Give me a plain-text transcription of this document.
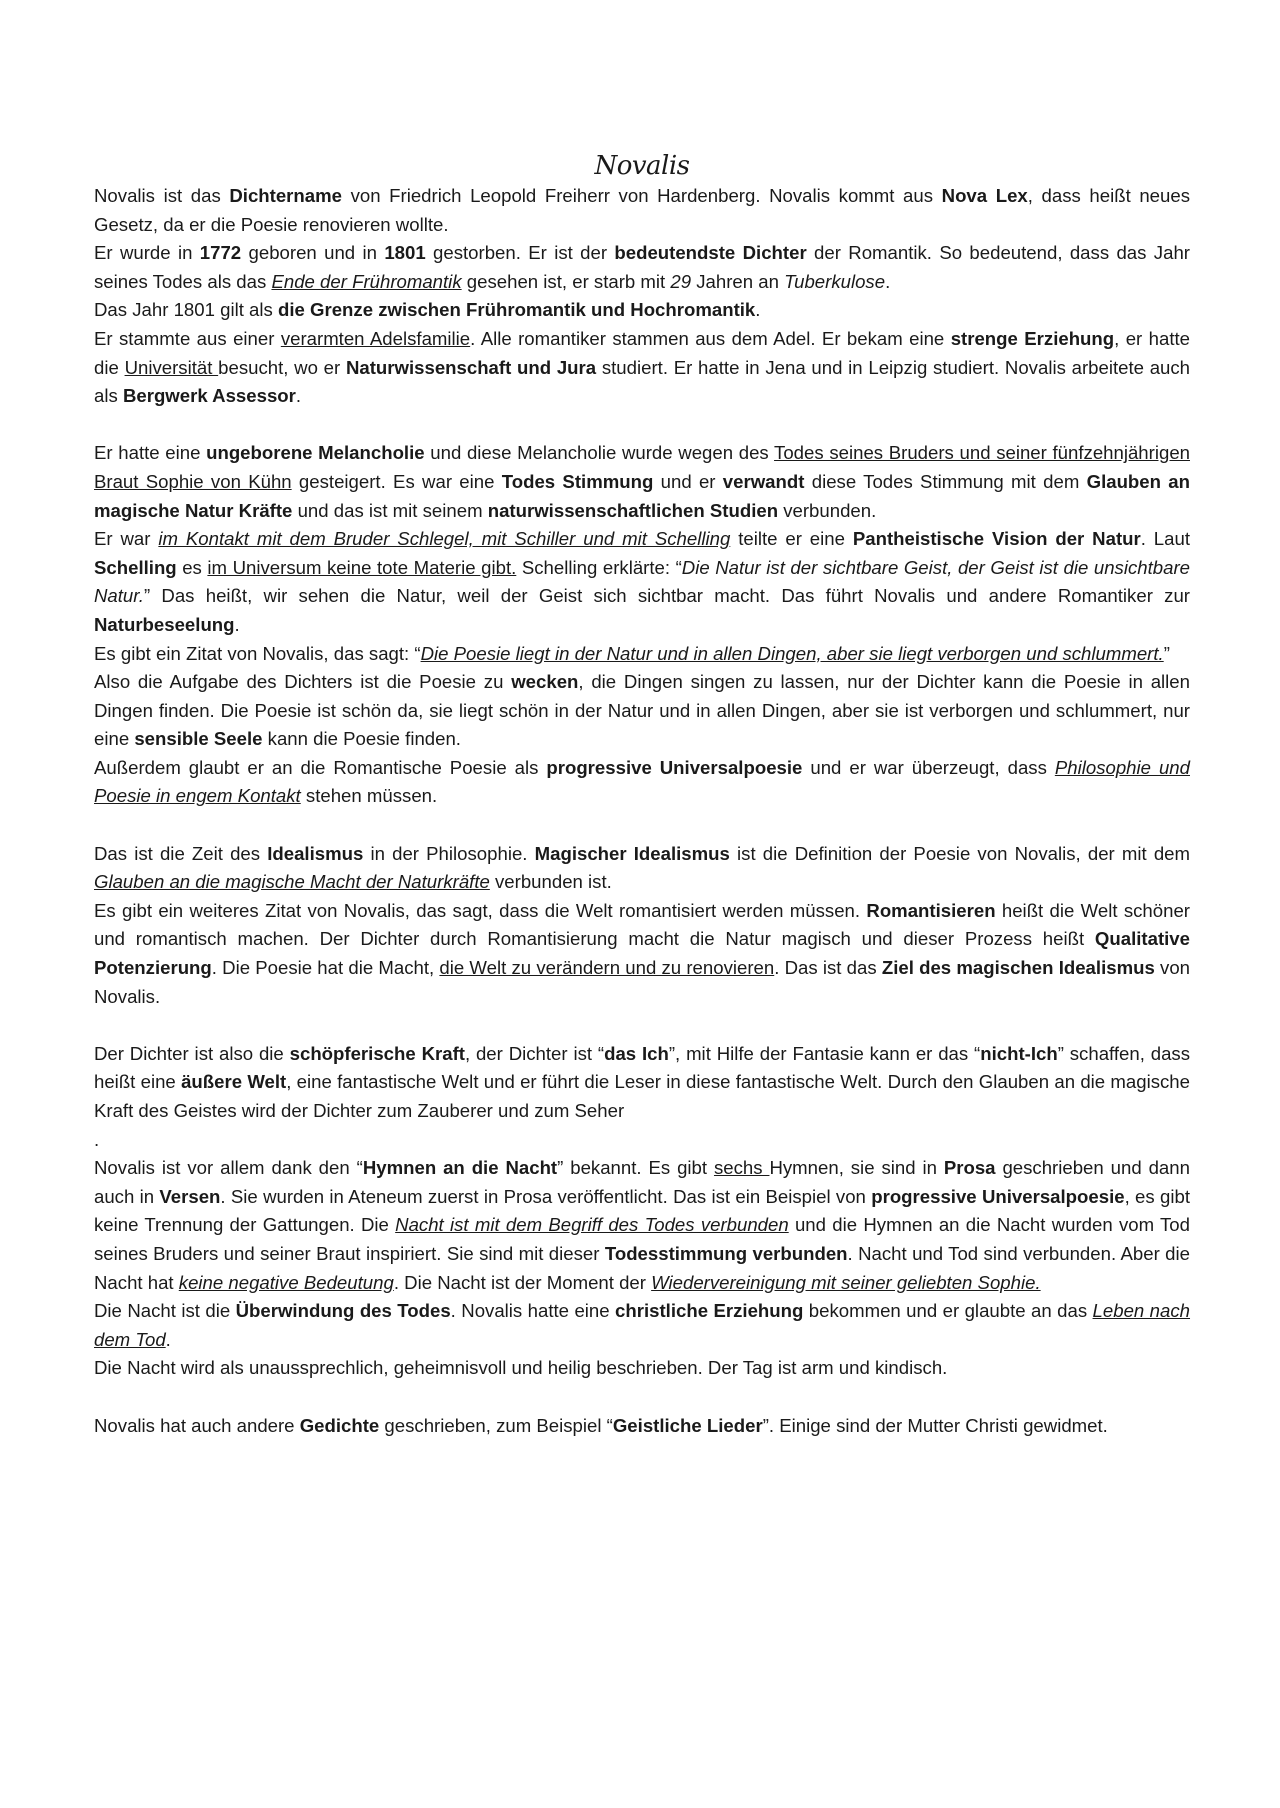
Novalis

Novalis ist das Dichtername von Friedrich Leopold Freiherr von Hardenberg. Novalis kommt aus Nova Lex, dass heißt neues Gesetz, da er die Poesie renovieren wollte.

Er wurde in 1772 geboren und in 1801 gestorben. Er ist der bedeutendste Dichter der Romantik. So bedeutend, dass das Jahr seines Todes als das Ende der Frühromantik gesehen ist, er starb mit 29 Jahren an Tuberkulose.

Das Jahr 1801 gilt als die Grenze zwischen Frühromantik und Hochromantik.

Er stammte aus einer verarmten Adelsfamilie. Alle romantiker stammen aus dem Adel. Er bekam eine strenge Erziehung, er hatte die Universität besucht, wo er Naturwissenschaft und Jura studiert. Er hatte in Jena und in Leipzig studiert. Novalis arbeitete auch als Bergwerk Assessor.

Er hatte eine ungeborene Melancholie und diese Melancholie wurde wegen des Todes seines Bruders und seiner fünfzehnjährigen Braut Sophie von Kühn gesteigert. Es war eine Todes Stimmung und er verwandt diese Todes Stimmung mit dem Glauben an magische Natur Kräfte und das ist mit seinem naturwissenschaftlichen Studien verbunden.

Er war im Kontakt mit dem Bruder Schlegel, mit Schiller und mit Schelling teilte er eine Pantheistische Vision der Natur. Laut Schelling es im Universum keine tote Materie gibt. Schelling erklärte: “Die Natur ist der sichtbare Geist, der Geist ist die unsichtbare Natur.” Das heißt, wir sehen die Natur, weil der Geist sich sichtbar macht. Das führt Novalis und andere Romantiker zur Naturbeseelung.

Es gibt ein Zitat von Novalis, das sagt: “Die Poesie liegt in der Natur und in allen Dingen, aber sie liegt verborgen und schlummert.”

Also die Aufgabe des Dichters ist die Poesie zu wecken, die Dingen singen zu lassen, nur der Dichter kann die Poesie in allen Dingen finden. Die Poesie ist schön da, sie liegt schön in der Natur und in allen Dingen, aber sie ist verborgen und schlummert, nur eine sensible Seele kann die Poesie finden.

Außerdem glaubt er an die Romantische Poesie als progressive Universalpoesie und er war überzeugt, dass Philosophie und Poesie in engem Kontakt stehen müssen.

Das ist die Zeit des Idealismus in der Philosophie. Magischer Idealismus ist die Definition der Poesie von Novalis, der mit dem Glauben an die magische Macht der Naturkräfte verbunden ist.

Es gibt ein weiteres Zitat von Novalis, das sagt, dass die Welt romantisiert werden müssen. Romantisieren heißt die Welt schöner und romantisch machen. Der Dichter durch Romantisierung macht die Natur magisch und dieser Prozess heißt Qualitative Potenzierung. Die Poesie hat die Macht, die Welt zu verändern und zu renovieren. Das ist das Ziel des magischen Idealismus von Novalis.

Der Dichter ist also die schöpferische Kraft, der Dichter ist “das Ich”, mit Hilfe der Fantasie kann er das “nicht-Ich” schaffen, dass heißt eine äußere Welt, eine fantastische Welt und er führt die Leser in diese fantastische Welt. Durch den Glauben an die magische Kraft des Geistes wird der Dichter zum Zauberer und zum Seher

.

Novalis ist vor allem dank den “Hymnen an die Nacht” bekannt. Es gibt sechs Hymnen, sie sind in Prosa geschrieben und dann auch in Versen. Sie wurden in Ateneum zuerst in Prosa veröffentlicht. Das ist ein Beispiel von progressive Universalpoesie, es gibt keine Trennung der Gattungen. Die Nacht ist mit dem Begriff des Todes verbunden und die Hymnen an die Nacht wurden vom Tod seines Bruders und seiner Braut inspiriert. Sie sind mit dieser Todesstimmung verbunden. Nacht und Tod sind verbunden. Aber die Nacht hat keine negative Bedeutung. Die Nacht ist der Moment der Wiedervereinigung mit seiner geliebten Sophie.

Die Nacht ist die Überwindung des Todes. Novalis hatte eine christliche Erziehung bekommen und er glaubte an das Leben nach dem Tod.

Die Nacht wird als unaussprechlich, geheimnisvoll und heilig beschrieben. Der Tag ist arm und kindisch.

Novalis hat auch andere Gedichte geschrieben, zum Beispiel “Geistliche Lieder”. Einige sind der Mutter Christi gewidmet.
